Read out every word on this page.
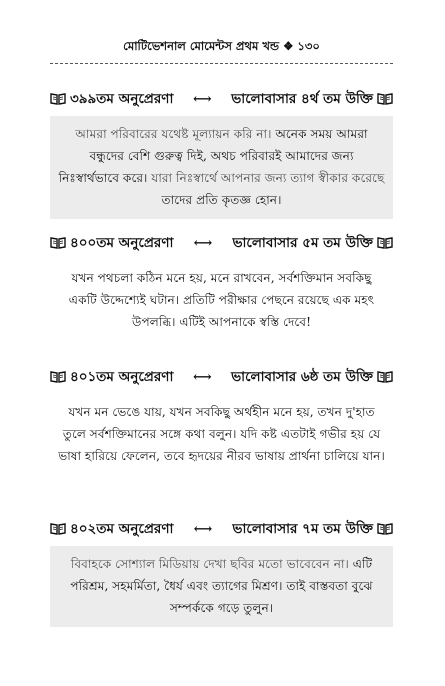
মোটিভেশনাল মোমেন্টস প্রথম খন্ড ❖ ১৩০
৩৯৯তম অনুপ্রেরণা ⟷ ভালোবাসার ৪র্থ তম উক্তি
আমরা পরিবারের যথেষ্ট মূল্যায়ন করি না। অনেক সময় আমরা বন্ধুদের বেশি গুরুত্ব দিই, অথচ পরিবারই আমাদের জন্য নিঃস্বার্থভাবে করে। যারা নিঃস্বার্থে আপনার জন্য ত্যাগ স্বীকার করেছে তাদের প্রতি কৃতজ্ঞ হোন।
৪০০তম অনুপ্রেরণা ⟷ ভালোবাসার ৫ম তম উক্তি
যখন পথচলা কঠিন মনে হয়, মনে রাখবেন, সর্বশক্তিমান সবকিছু একটি উদ্দেশ্যেই ঘটান। প্রতিটি পরীক্ষার পেছনে রয়েছে এক মহৎ উপলব্ধি। এটিই আপনাকে স্বস্তি দেবে!
৪০১তম অনুপ্রেরণা ⟷ ভালোবাসার ৬ষ্ঠ তম উক্তি
যখন মন ভেঙে যায়, যখন সবকিছু অর্থহীন মনে হয়, তখন দু'হাত তুলে সর্বশক্তিমানের সঙ্গে কথা বলুন। যদি কষ্ট এতটাই গভীর হয় যে ভাষা হারিয়ে ফেলেন, তবে হৃদয়ের নীরব ভাষায় প্রার্থনা চালিয়ে যান।
৪০২তম অনুপ্রেরণা ⟷ ভালোবাসার ৭ম তম উক্তি
বিবাহকে সোশ্যাল মিডিয়ায় দেখা ছবির মতো ভাবেবেন না। এটি পরিশ্রম, সহমর্মিতা, ধৈর্য এবং ত্যাগের মিশ্রণ। তাই বাস্তবতা বুঝে সম্পর্ককে গড়ে তুলুন।
